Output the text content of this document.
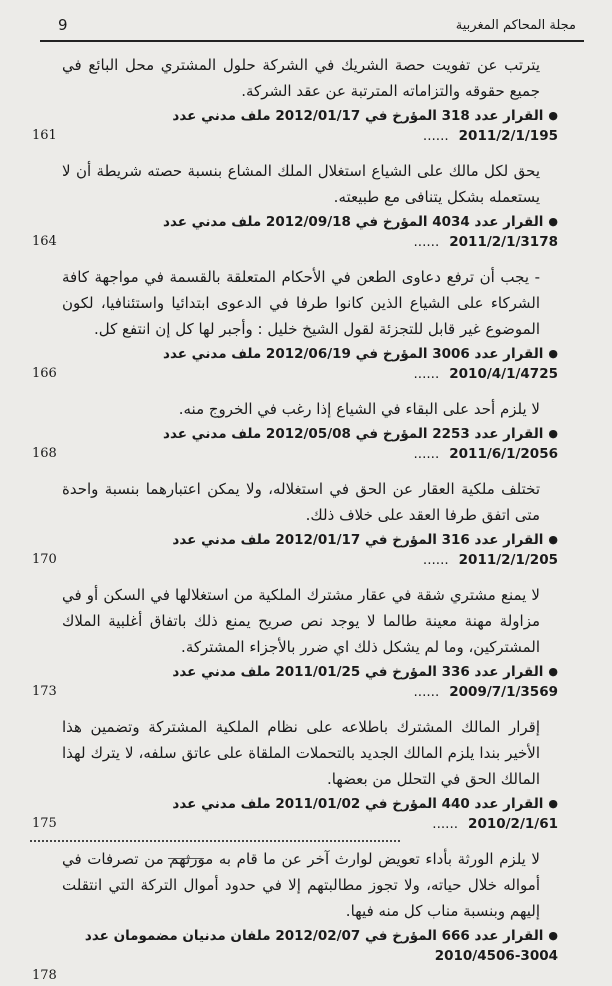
مجلة المحاكم المغربية
9

يترتب عن تفويت حصة الشريك في الشركة حلول المشتري محل البائع في جميع حقوقه والتزاماته المترتبة عن عقد الشركة.

●القرار عدد 318 المؤرخ في 2012/01/17 ملف مدني عدد 2011/2/1/195......
161

يحق لكل مالك على الشياع استغلال الملك المشاع بنسبة حصته شريطة أن لا يستعمله بشكل يتنافى مع طبيعته.

●القرار عدد 4034 المؤرخ في 2012/09/18 ملف مدني عدد 2011/2/1/3178......
164

- يجب أن ترفع دعاوى الطعن في الأحكام المتعلقة بالقسمة في مواجهة كافة الشركاء على الشياع الذين كانوا طرفا في الدعوى ابتدائيا واستئنافيا، لكون الموضوع غير قابل للتجزئة لقول الشيخ خليل : وأجبر لها كل إن انتفع كل.

●القرار عدد 3006 المؤرخ في 2012/06/19 ملف مدني عدد 2010/4/1/4725......
166

لا يلزم أحد على البقاء في الشياع إذا رغب في الخروج منه.

●القرار عدد 2253 المؤرخ في 2012/05/08 ملف مدني عدد 2011/6/1/2056......
168

تختلف ملكية العقار عن الحق في استغلاله، ولا يمكن اعتبارهما بنسبة واحدة متى اتفق طرفا العقد على خلاف ذلك.

●القرار عدد 316 المؤرخ في 2012/01/17 ملف مدني عدد 2011/2/1/205......
170

لا يمنع مشتري شقة في عقار مشترك الملكية من استغلالها في السكن أو في مزاولة مهنة معينة طالما لا يوجد نص صريح يمنع ذلك باتفاق أغلبية الملاك المشتركين، وما لم يشكل ذلك اي ضرر بالأجزاء المشتركة.

●القرار عدد 336 المؤرخ في 2011/01/25 ملف مدني عدد 2009/7/1/3569......
173

إقرار المالك المشترك باطلاعه على نظام الملكية المشتركة وتضمين هذا الأخير بندا يلزم المالك الجديد بالتحملات الملقاة على عاتق سلفه، لا يترك لهذا المالك الحق في التحلل من بعضها.

●القرار عدد 440 المؤرخ في 2011/01/02 ملف مدني عدد 2010/2/1/61......
175

لا يلزم الورثة بأداء تعويض لوارث آخر عن ما قام به مورثهم من تصرفات في أمواله خلال حياته، ولا تجوز مطالبتهم إلا في حدود أموال التركة التي انتقلت إليهم وبنسبة مناب كل منه فيها.

●القرار عدد 666 المؤرخ في 2012/02/07 ملفان مدنيان مضمومان عدد 3004-2010/4506
178
